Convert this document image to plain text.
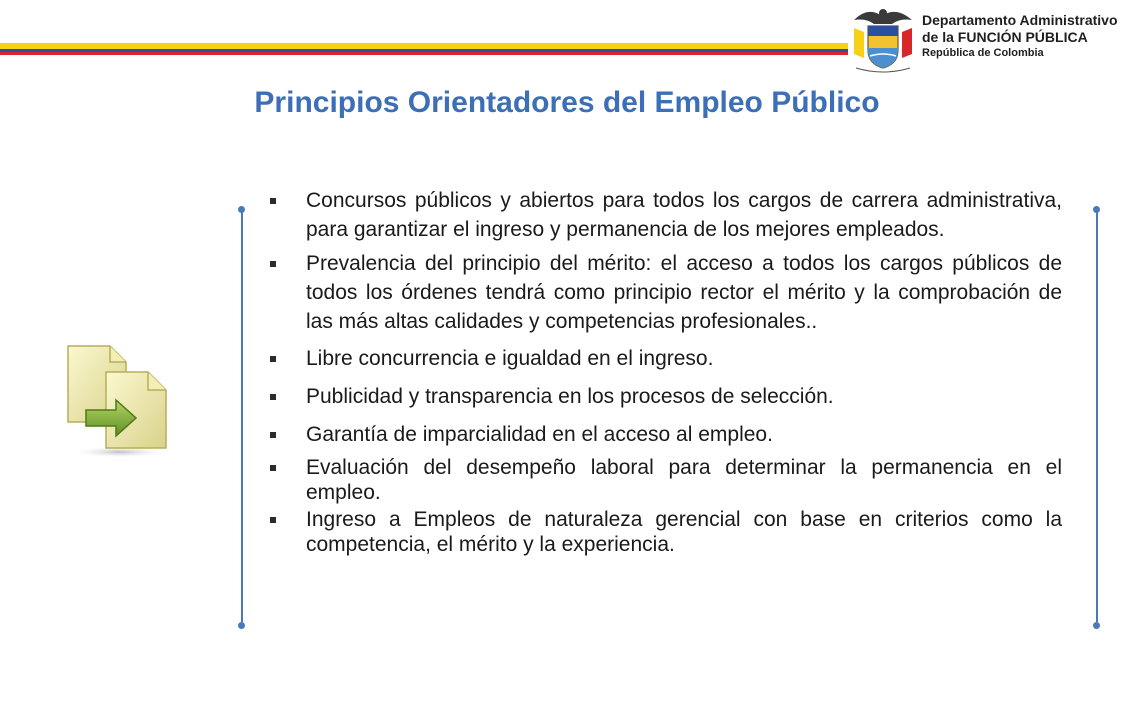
Departamento Administrativo
de la FUNCIÓN PÚBLICA
República de Colombia
Principios Orientadores del Empleo Público
Concursos públicos y abiertos para todos los cargos de carrera administrativa, para garantizar el ingreso y permanencia de los mejores empleados.
Prevalencia del principio del mérito: el acceso a todos los cargos públicos de todos los órdenes tendrá como principio rector el mérito y la comprobación de las más altas calidades y competencias profesionales..
Libre concurrencia e igualdad en el ingreso.
Publicidad y transparencia en los procesos de selección.
Garantía de imparcialidad en el acceso al empleo.
Evaluación del desempeño laboral para determinar la permanencia en el empleo.
Ingreso a Empleos de naturaleza gerencial con base en criterios como la competencia, el mérito y la experiencia.
